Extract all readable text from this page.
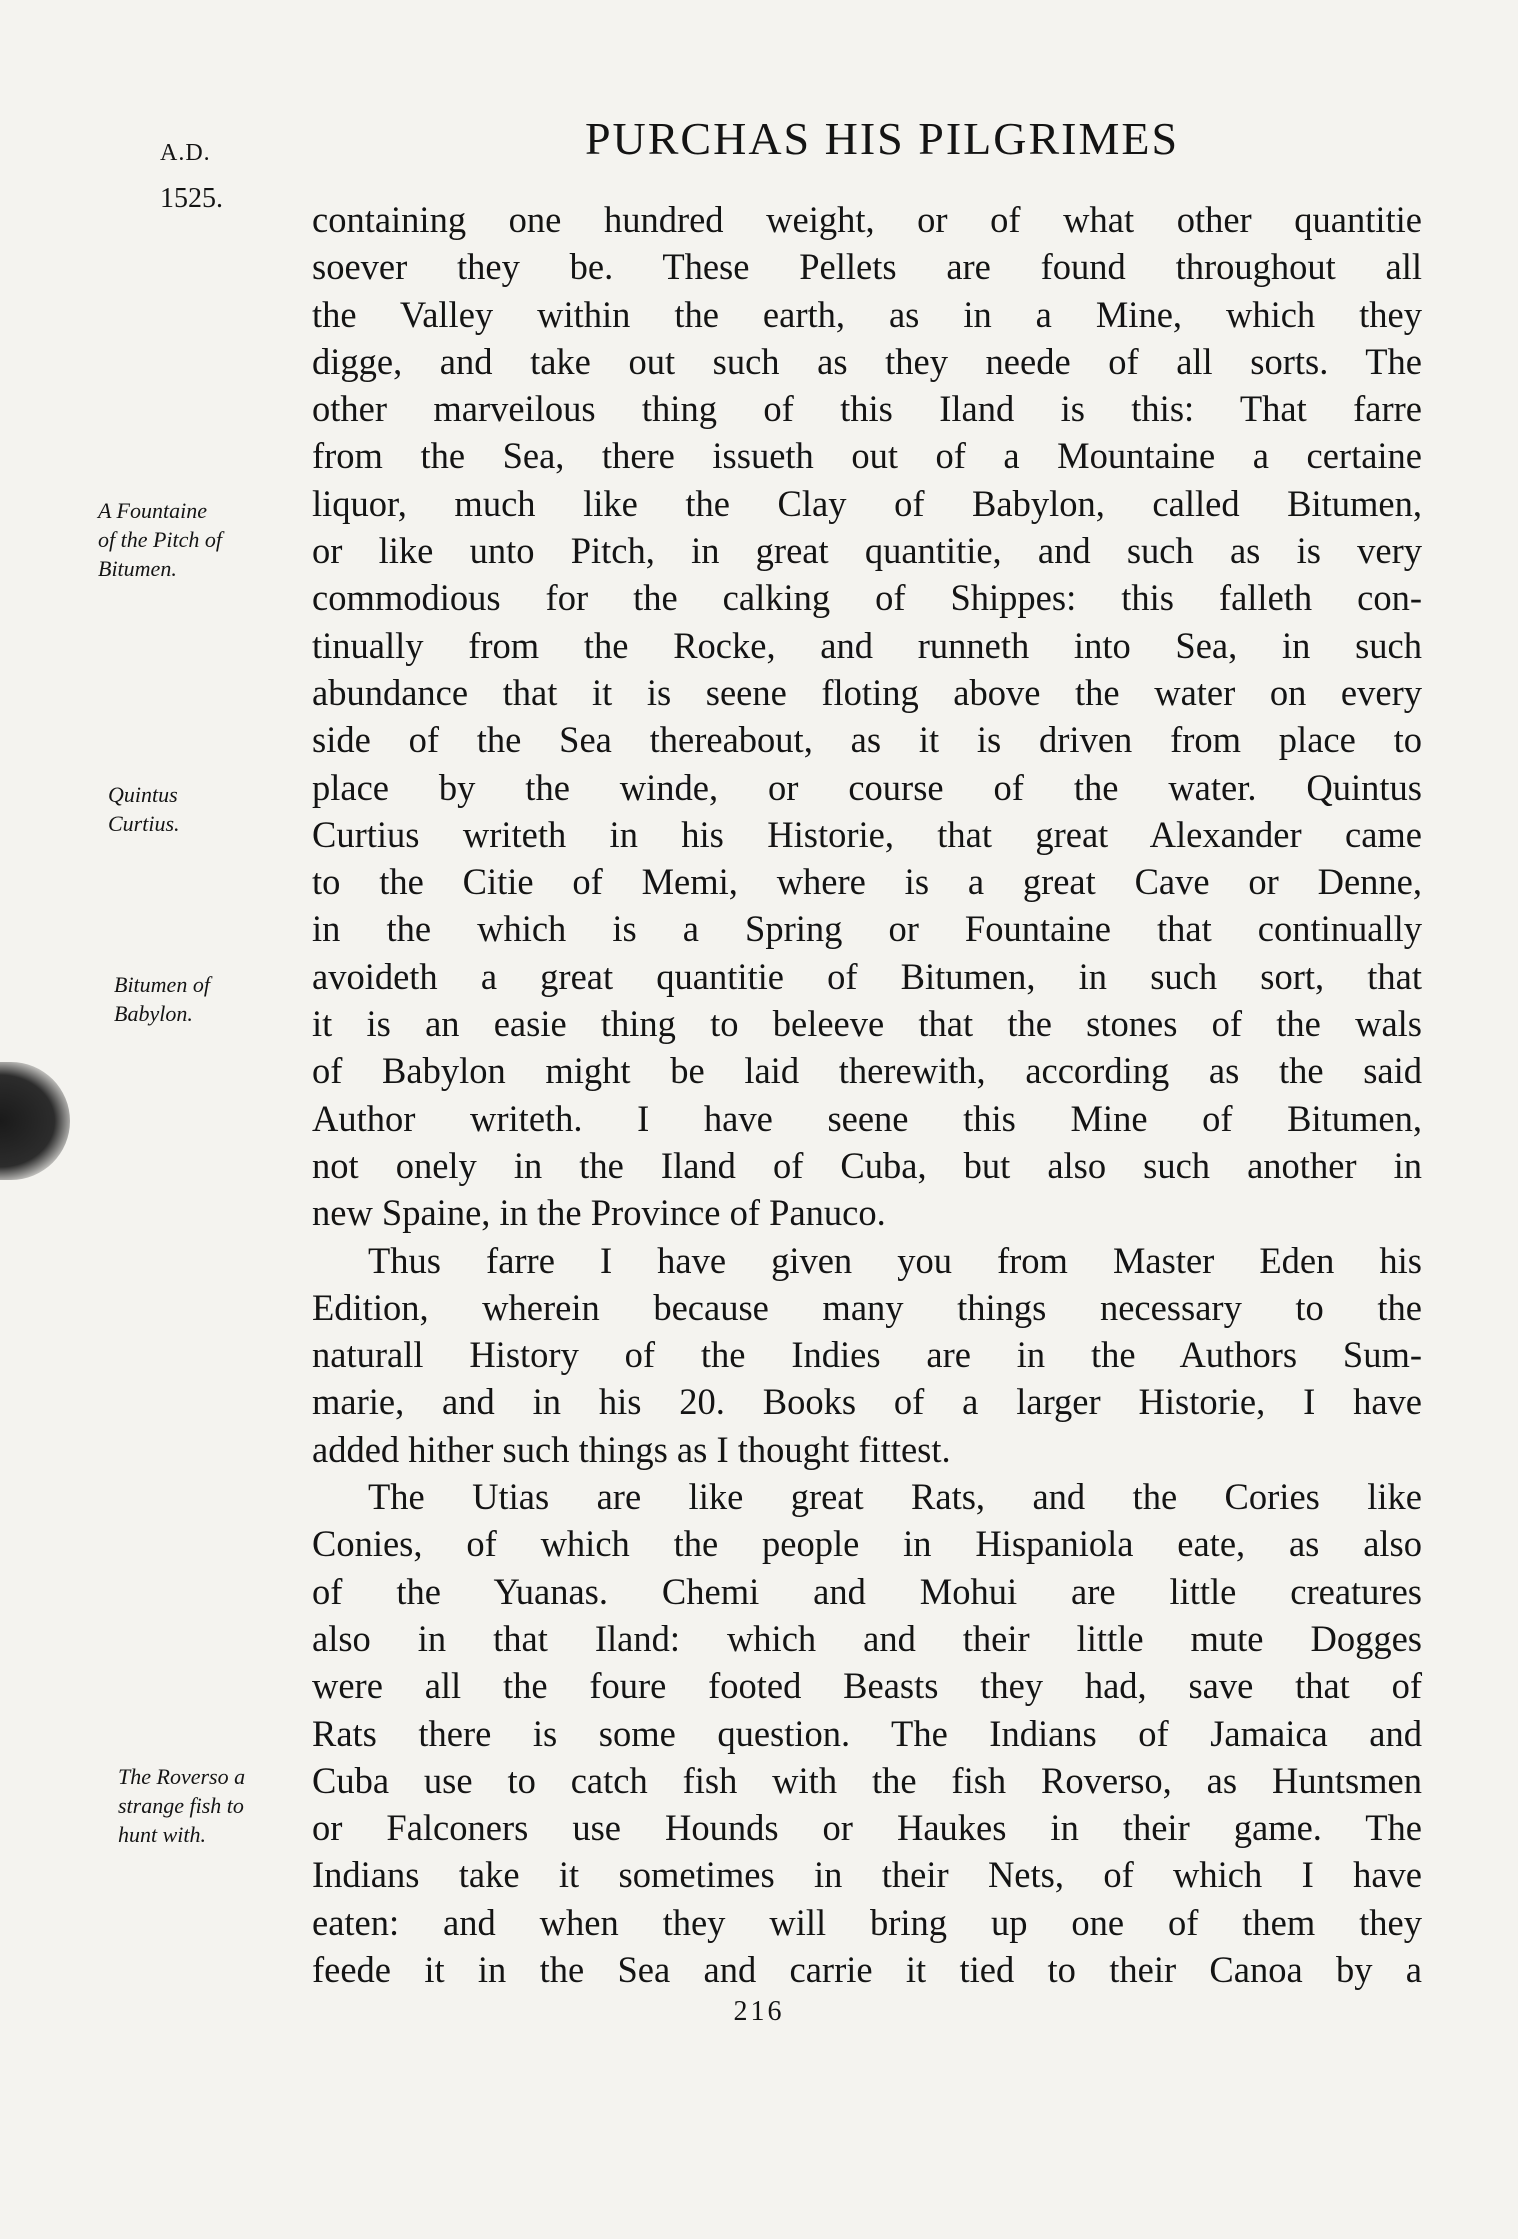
A.D.
1525.
PURCHAS HIS PILGRIMES
A Fountaine
of the Pitch of
Bitumen.
Quintus
Curtius.
Bitumen of
Babylon.
The Roverso a
strange fish to
hunt with.

containing one hundred weight, or of what other quantitie
soever they be. These Pellets are found throughout all
the Valley within the earth, as in a Mine, which they
digge, and take out such as they neede of all sorts. The
other marveilous thing of this Iland is this: That farre
from the Sea, there issueth out of a Mountaine a certaine
liquor, much like the Clay of Babylon, called Bitumen,
or like unto Pitch, in great quantitie, and such as is very
commodious for the calking of Shippes: this falleth con-
tinually from the Rocke, and runneth into Sea, in such
abundance that it is seene floting above the water on every
side of the Sea thereabout, as it is driven from place to
place by the winde, or course of the water. Quintus
Curtius writeth in his Historie, that great Alexander came
to the Citie of Memi, where is a great Cave or Denne,
in the which is a Spring or Fountaine that continually
avoideth a great quantitie of Bitumen, in such sort, that
it is an easie thing to beleeve that the stones of the wals
of Babylon might be laid therewith, according as the said
Author writeth. I have seene this Mine of Bitumen,
not onely in the Iland of Cuba, but also such another in
new Spaine, in the Province of Panuco.

Thus farre I have given you from Master Eden his
Edition, wherein because many things necessary to the
naturall History of the Indies are in the Authors Sum-
marie, and in his 20. Books of a larger Historie, I have
added hither such things as I thought fittest.

The Utias are like great Rats, and the Cories like
Conies, of which the people in Hispaniola eate, as also
of the Yuanas. Chemi and Mohui are little creatures
also in that Iland: which and their little mute Dogges
were all the foure footed Beasts they had, save that of
Rats there is some question. The Indians of Jamaica and
Cuba use to catch fish with the fish Roverso, as Huntsmen
or Falconers use Hounds or Haukes in their game. The
Indians take it sometimes in their Nets, of which I have
eaten: and when they will bring up one of them they
feede it in the Sea and carrie it tied to their Canoa by a

216
